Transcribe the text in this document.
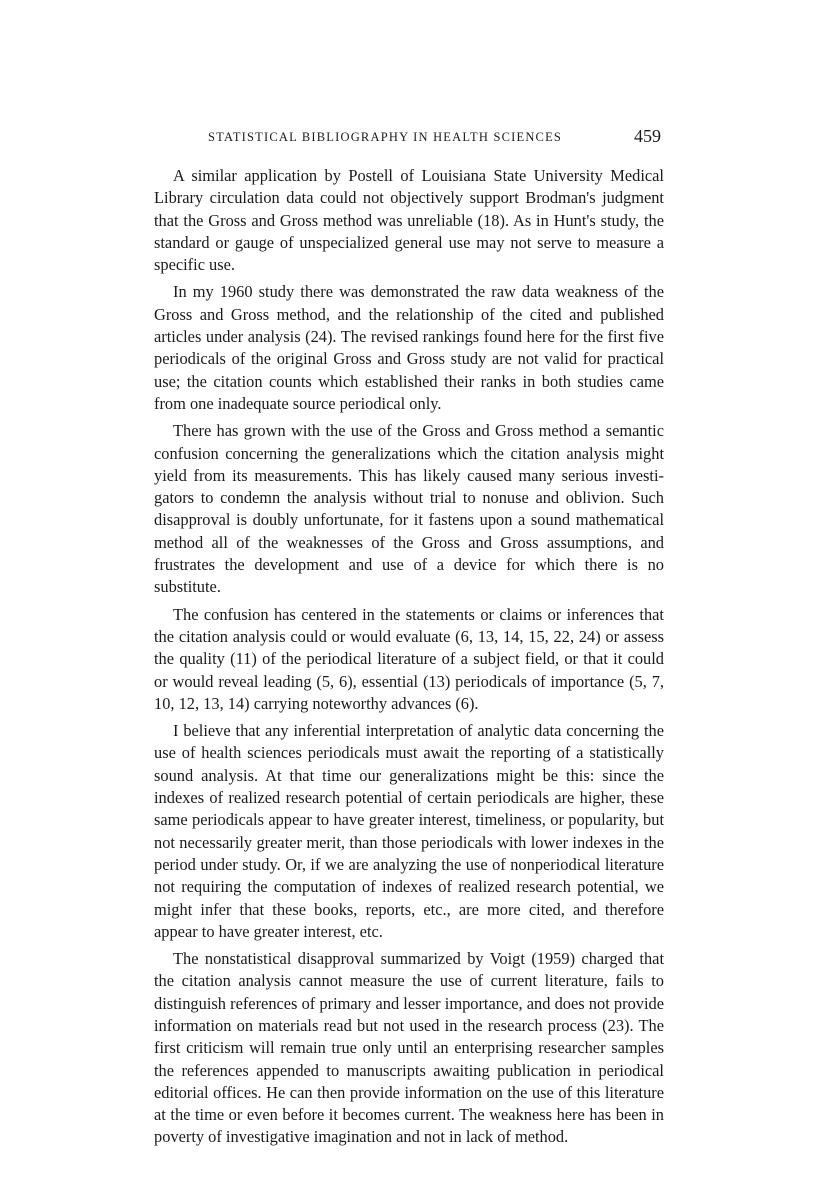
STATISTICAL BIBLIOGRAPHY IN HEALTH SCIENCES	459

A similar application by Postell of Louisiana State University Medical Library circulation data could not objectively support Brodman's judgment that the Gross and Gross method was unreliable (18). As in Hunt's study, the standard or gauge of unspecialized general use may not serve to measure a specific use.

In my 1960 study there was demonstrated the raw data weakness of the Gross and Gross method, and the relationship of the cited and published articles under analysis (24). The revised rankings found here for the first five periodicals of the original Gross and Gross study are not valid for practical use; the citation counts which established their ranks in both studies came from one inadequate source periodical only.

There has grown with the use of the Gross and Gross method a semantic confusion concerning the generalizations which the citation analysis might yield from its measurements. This has likely caused many serious investigators to condemn the analysis without trial to nonuse and oblivion. Such disapproval is doubly unfortunate, for it fastens upon a sound mathematical method all of the weaknesses of the Gross and Gross assumptions, and frustrates the development and use of a device for which there is no substitute.

The confusion has centered in the statements or claims or inferences that the citation analysis could or would evaluate (6, 13, 14, 15, 22, 24) or assess the quality (11) of the periodical literature of a subject field, or that it could or would reveal leading (5, 6), essential (13) periodicals of importance (5, 7, 10, 12, 13, 14) carrying noteworthy advances (6).

I believe that any inferential interpretation of analytic data concerning the use of health sciences periodicals must await the reporting of a statistically sound analysis. At that time our generalizations might be this: since the indexes of realized research potential of certain periodicals are higher, these same periodicals appear to have greater interest, timeliness, or popularity, but not necessarily greater merit, than those periodicals with lower indexes in the period under study. Or, if we are analyzing the use of nonperiodical literature not requiring the computation of indexes of realized research potential, we might infer that these books, reports, etc., are more cited, and therefore appear to have greater interest, etc.

The nonstatistical disapproval summarized by Voigt (1959) charged that the citation analysis cannot measure the use of current literature, fails to distinguish references of primary and lesser importance, and does not provide information on materials read but not used in the research process (23). The first criticism will remain true only until an enterprising researcher samples the references appended to manuscripts awaiting publication in periodical editorial offices. He can then provide information on the use of this literature at the time or even before it becomes current. The weakness here has been in poverty of investigative imagination and not in lack of method.
